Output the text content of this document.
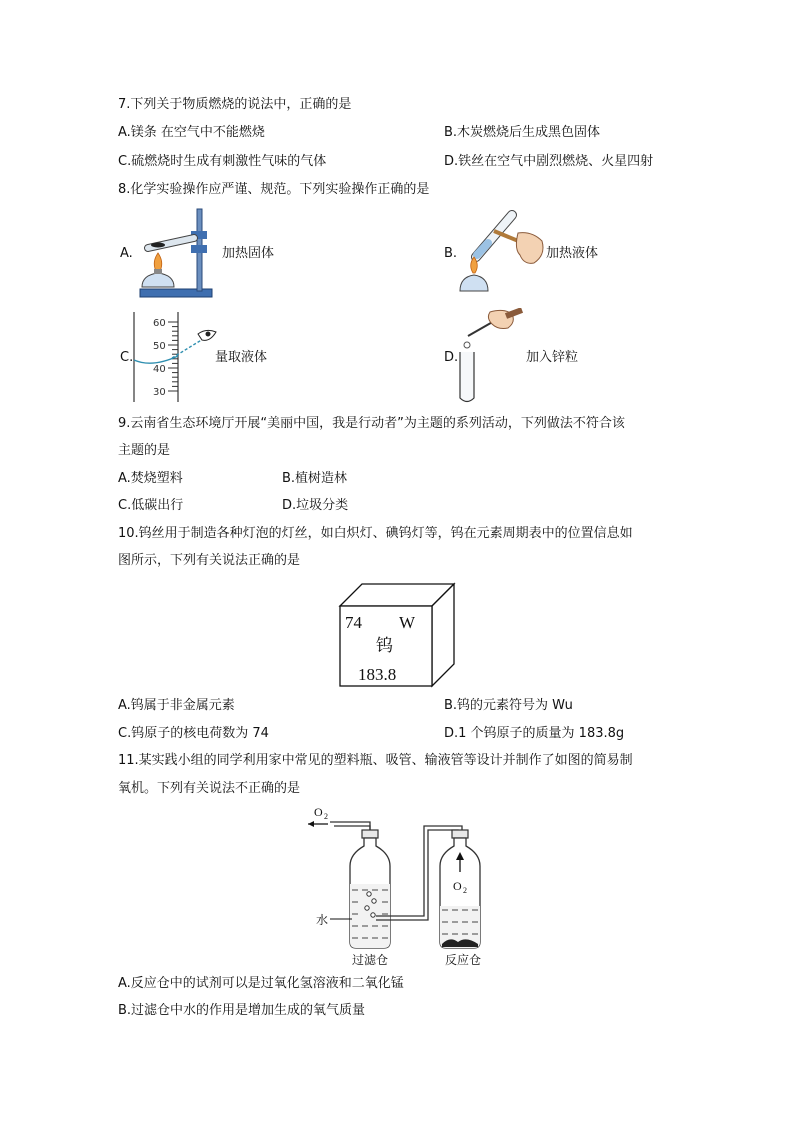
7.下列关于物质燃烧的说法中，正确的是
A.镁条 在空气中不能燃烧	B.木炭燃烧后生成黑色固体
C.硫燃烧时生成有刺激性气味的气体	D.铁丝在空气中剧烈燃烧、火星四射
8.化学实验操作应严谨、规范。下列实验操作正确的是
A.	加热固体	B.	加热液体
C.
60
50
40
30
量取液体	D.	加入锌粒
9.云南省生态环境厅开展“美丽中国，我是行动者”为主题的系列活动，下列做法不符合该
主题的是
A.焚烧塑料	B.植树造林
C.低碳出行	D.垃圾分类
10.钨丝用于制造各种灯泡的灯丝，如白炽灯、碘钨灯等，钨在元素周期表中的位置信息如
图所示，下列有关说法正确的是
74 W
钨
183.8
A.钨属于非金属元素	B.钨的元素符号为 Wu
C.钨原子的核电荷数为 74	D.1 个钨原子的质量为 183.8g
11.某实践小组的同学利用家中常见的塑料瓶、吸管、输液管等设计并制作了如图的简易制
氧机。下列有关说法不正确的是
O 2
水
O 2
过滤仓	反应仓
A.反应仓中的试剂可以是过氧化氢溶液和二氧化锰
B.过滤仓中水的作用是增加生成的氧气质量
